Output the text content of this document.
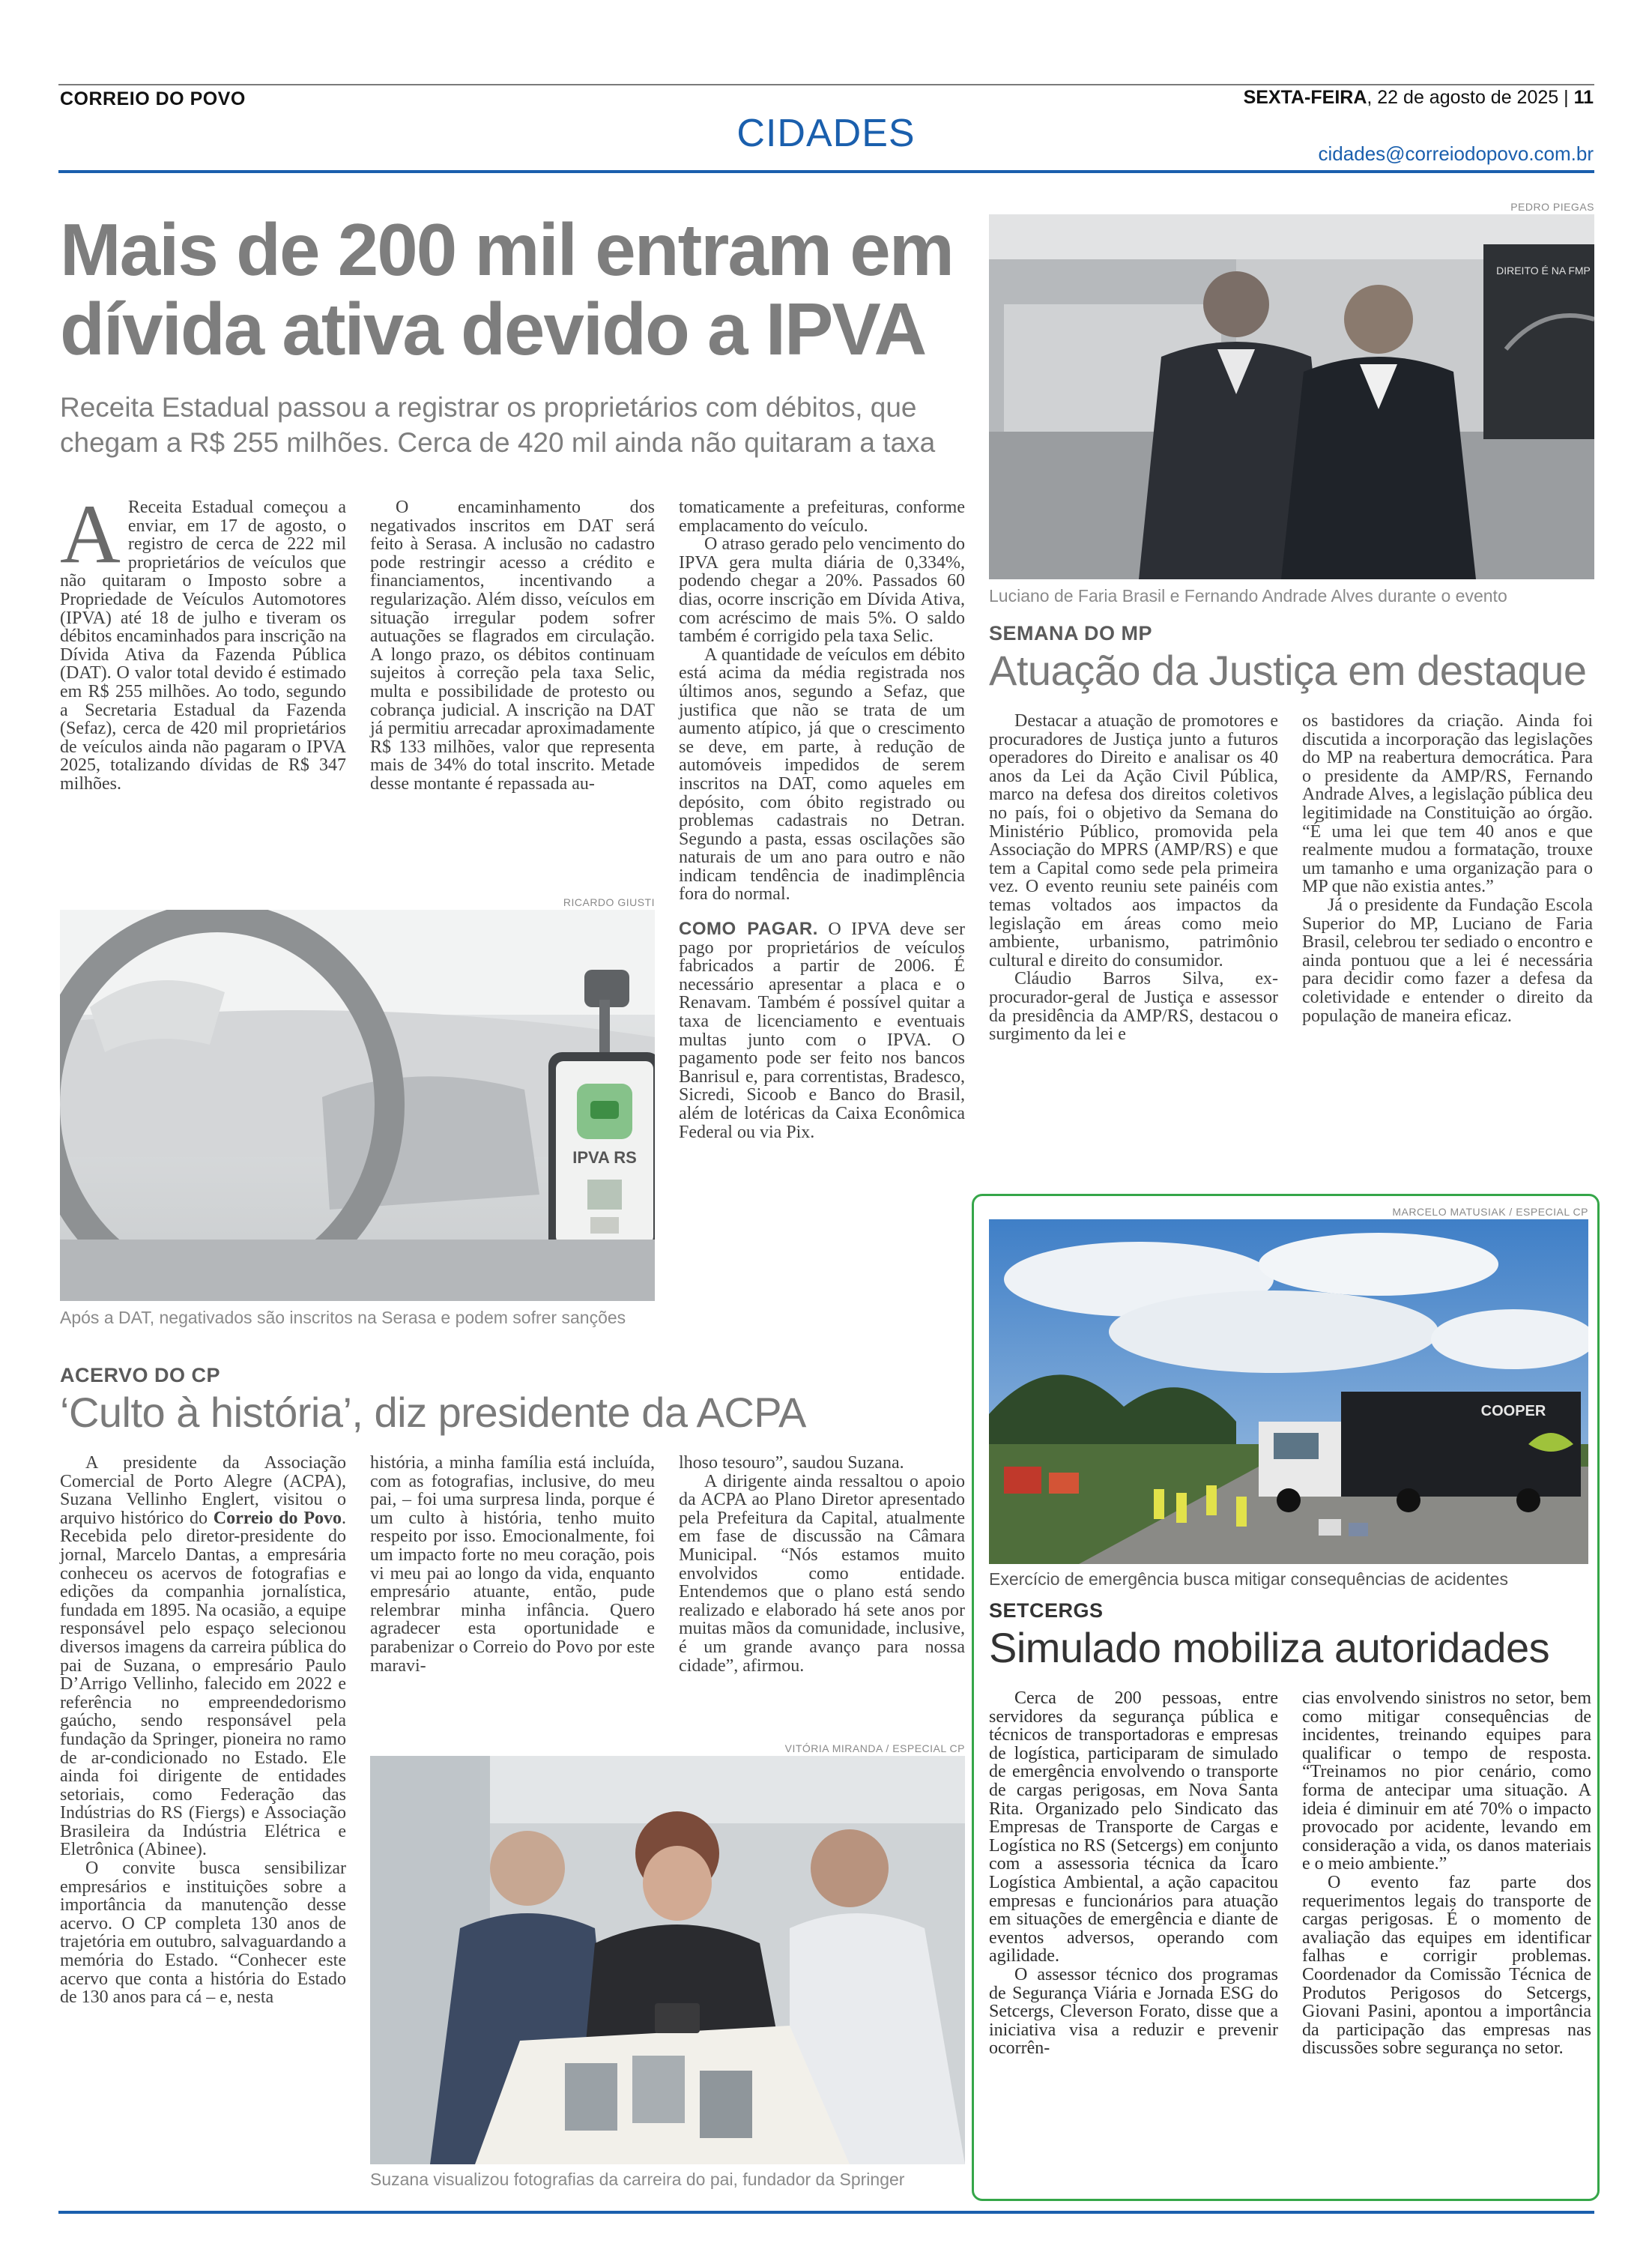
CORREIO DO POVO	SEXTA-FEIRA, 22 de agosto de 2025 | 11
CIDADES	cidades@correiodopovo.com.br
Mais de 200 mil entram em dívida ativa devido a IPVA
Receita Estadual passou a registrar os proprietários com débitos, que chegam a R$ 255 milhões. Cerca de 420 mil ainda não quitaram a taxa

A Receita Estadual começou a enviar, em 17 de agosto, o registro de cerca de 222 mil proprietários de veículos que não quitaram o Imposto sobre a Propriedade de Veículos Automotores (IPVA) até 18 de julho e tiveram os débitos encaminhados para inscrição na Dívida Ativa da Fazenda Pública (DAT). O valor total devido é estimado em R$ 255 milhões. Ao todo, segundo a Secretaria Estadual da Fazenda (Sefaz), cerca de 420 mil proprietários de veículos ainda não pagaram o IPVA 2025, totalizando dívidas de R$ 347 milhões.

O encaminhamento dos negativados inscritos em DAT será feito à Serasa. A inclusão no cadastro pode restringir acesso a crédito e financiamentos, incentivando a regularização. Além disso, veículos em situação irregular podem sofrer autuações se flagrados em circulação. A longo prazo, os débitos continuam sujeitos à correção pela taxa Selic, multa e possibilidade de protesto ou cobrança judicial. A inscrição na DAT já permitiu arrecadar aproximadamente R$ 133 milhões, valor que representa mais de 34% do total inscrito. Metade desse montante é repassada au-

tomaticamente a prefeituras, conforme emplacamento do veículo.

O atraso gerado pelo vencimento do IPVA gera multa diária de 0,334%, podendo chegar a 20%. Passados 60 dias, ocorre inscrição em Dívida Ativa, com acréscimo de mais 5%. O saldo também é corrigido pela taxa Selic.

A quantidade de veículos em débito está acima da média registrada nos últimos anos, segundo a Sefaz, que justifica que não se trata de um aumento atípico, já que o crescimento se deve, em parte, à redução de automóveis impedidos de serem inscritos na DAT, como aqueles em depósito, com óbito registrado ou problemas cadastrais no Detran. Segundo a pasta, essas oscilações são naturais de um ano para outro e não indicam tendência de inadimplência fora do normal.

COMO PAGAR. O IPVA deve ser pago por proprietários de veículos fabricados a partir de 2006. É necessário apresentar a placa e o Renavam. Também é possível quitar a taxa de licenciamento e eventuais multas junto com o IPVA. O pagamento pode ser feito nos bancos Banrisul e, para correntistas, Bradesco, Sicredi, Sicoob e Banco do Brasil, além de lotéricas da Caixa Econômica Federal ou via Pix.

RICARDO GIUSTI
IPVA RS
Após a DAT, negativados são inscritos na Serasa e podem sofrer sanções
PEDRO PIEGAS
DIREITO É NA FMP
Luciano de Faria Brasil e Fernando Andrade Alves durante o evento
SEMANA DO MP
Atuação da Justiça em destaque

Destacar a atuação de promotores e procuradores de Justiça junto a futuros operadores do Direito e analisar os 40 anos da Lei da Ação Civil Pública, marco na defesa dos direitos coletivos no país, foi o objetivo da Semana do Ministério Público, promovida pela Associação do MPRS (AMP/RS) e que tem a Capital como sede pela primeira vez. O evento reuniu sete painéis com temas voltados aos impactos da legislação em áreas como meio ambiente, urbanismo, patrimônio cultural e direito do consumidor.

Cláudio Barros Silva, ex-procurador-geral de Justiça e assessor da presidência da AMP/RS, destacou o surgimento da lei e

os bastidores da criação. Ainda foi discutida a incorporação das legislações do MP na reabertura democrática. Para o presidente da AMP/RS, Fernando Andrade Alves, a legislação pública deu legitimidade na Constituição ao órgão. “É uma lei que tem 40 anos e que realmente mudou a formatação, trouxe um tamanho e uma organização para o MP que não existia antes.”

Já o presidente da Fundação Escola Superior do MP, Luciano de Faria Brasil, celebrou ter sediado o encontro e ainda pontuou que a lei é necessária para decidir como fazer a defesa da coletividade e entender o direito da população de maneira eficaz.

ACERVO DO CP
‘Culto à história’, diz presidente da ACPA

A presidente da Associação Comercial de Porto Alegre (ACPA), Suzana Vellinho Englert, visitou o arquivo histórico do Correio do Povo. Recebida pelo diretor-presidente do jornal, Marcelo Dantas, a empresária conheceu os acervos de fotografias e edições da companhia jornalística, fundada em 1895. Na ocasião, a equipe responsável pelo espaço selecionou diversos imagens da carreira pública do pai de Suzana, o empresário Paulo D’Arrigo Vellinho, falecido em 2022 e referência no empreendedorismo gaúcho, sendo responsável pela fundação da Springer, pioneira no ramo de ar-condicionado no Estado. Ele ainda foi dirigente de entidades setoriais, como Federação das Indústrias do RS (Fiergs) e Associação Brasileira da Indústria Elétrica e Eletrônica (Abinee).

O convite busca sensibilizar empresários e instituições sobre a importância da manutenção desse acervo. O CP completa 130 anos de trajetória em outubro, salvaguardando a memória do Estado. “Conhecer este acervo que conta a história do Estado de 130 anos para cá – e, nesta

história, a minha família está incluída, com as fotografias, inclusive, do meu pai, – foi uma surpresa linda, porque é um culto à história, tenho muito respeito por isso. Emocionalmente, foi um impacto forte no meu coração, pois vi meu pai ao longo da vida, enquanto empresário atuante, então, pude relembrar minha infância. Quero agradecer esta oportunidade e parabenizar o Correio do Povo por este maravi-

lhoso tesouro”, saudou Suzana.

A dirigente ainda ressaltou o apoio da ACPA ao Plano Diretor apresentado pela Prefeitura da Capital, atualmente em fase de discussão na Câmara Municipal. “Nós estamos muito envolvidos como entidade. Entendemos que o plano está sendo realizado e elaborado há sete anos por muitas mãos da comunidade, inclusive, é um grande avanço para nossa cidade”, afirmou.

VITÓRIA MIRANDA / ESPECIAL CP
Suzana visualizou fotografias da carreira do pai, fundador da Springer
MARCELO MATUSIAK / ESPECIAL CP
COOPER
Exercício de emergência busca mitigar consequências de acidentes
SETCERGS
Simulado mobiliza autoridades

Cerca de 200 pessoas, entre servidores da segurança pública e técnicos de transportadoras e empresas de logística, participaram de simulado de emergência envolvendo o transporte de cargas perigosas, em Nova Santa Rita. Organizado pelo Sindicato das Empresas de Transporte de Cargas e Logística no RS (Setcergs) em conjunto com a assessoria técnica da Ícaro Logística Ambiental, a ação capacitou empresas e funcionários para atuação em situações de emergência e diante de eventos adversos, operando com agilidade.

O assessor técnico dos programas de Segurança Viária e Jornada ESG do Setcergs, Cleverson Forato, disse que a iniciativa visa a reduzir e prevenir ocorrên-

cias envolvendo sinistros no setor, bem como mitigar consequências de incidentes, treinando equipes para qualificar o tempo de resposta. “Treinamos no pior cenário, como forma de antecipar uma situação. A ideia é diminuir em até 70% o impacto provocado por acidente, levando em consideração a vida, os danos materiais e o meio ambiente.”

O evento faz parte dos requerimentos legais do transporte de cargas perigosas. É o momento de avaliação das equipes em identificar falhas e corrigir problemas. Coordenador da Comissão Técnica de Produtos Perigosos do Setcergs, Giovani Pasini, apontou a importância da participação das empresas nas discussões sobre segurança no setor.
